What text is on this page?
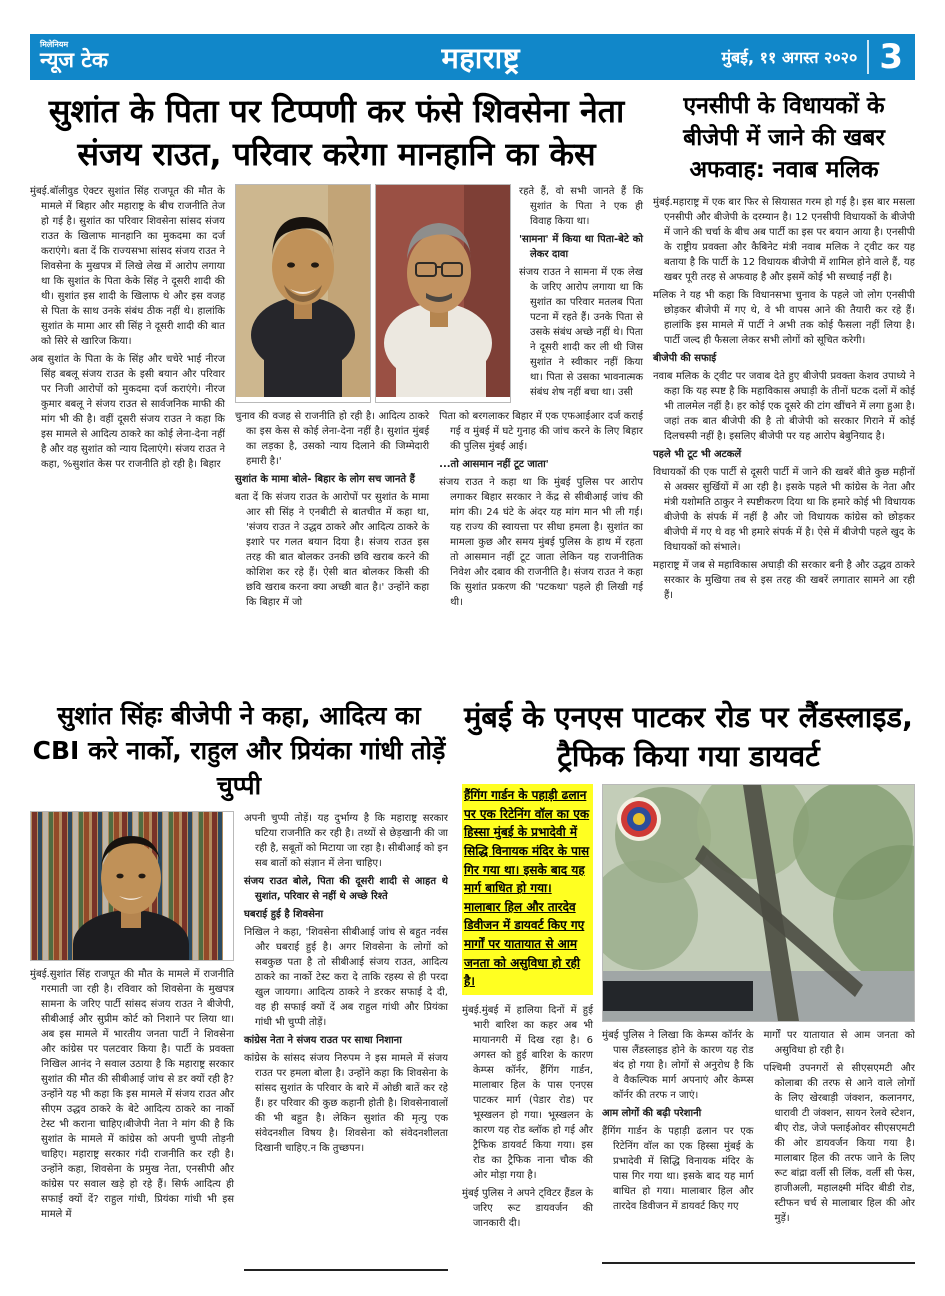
मिलेनियम
न्यूज टेक	महाराष्ट्र	मुंबई, ११ अगस्त २०२० 3
सुशांत के पिता पर टिप्पणी कर फंसे शिवसेना नेता संजय राउत, परिवार करेगा मानहानि का केस

मुंबई.बॉलीवुड ऐक्टर सुशांत सिंह राजपूत की मौत के मामले में बिहार और महाराष्ट्र के बीच राजनीति तेज हो गई है। सुशांत का परिवार शिवसेना सांसद संजय राउत के खिलाफ मानहानि का मुकदमा का दर्ज कराएंगे। बता दें कि राज्यसभा सांसद संजय राउत ने शिवसेना के मुखपत्र में लिखे लेख में आरोप लगाया था कि सुशांत के पिता केके सिंह ने दूसरी शादी की थी। सुशांत इस शादी के खिलाफ थे और इस वजह से पिता के साथ उनके संबंध ठीक नहीं थे। हालांकि सुशांत के मामा आर सी सिंह ने दूसरी शादी की बात को सिरे से खारिज किया।

अब सुशांत के पिता के के सिंह और चचेरे भाई नीरज सिंह बबलू संजय राउत के इसी बयान और परिवार पर निजी आरोपों को मुकदमा दर्ज कराएंगे। नीरज कुमार बबलू ने संजय राउत से सार्वजनिक माफी की मांग भी की है। वहीं दूसरी संजय राउत ने कहा कि इस मामले से आदित्य ठाकरे का कोई लेना-देना नहीं है और वह सुशांत को न्याय दिलाएंगे। संजय राउत ने कहा, %सुशांत केस पर राजनीति हो रही है। बिहार

रहते हैं, वो सभी जानते हैं कि सुशांत के पिता ने एक ही विवाह किया था।

'सामना' में किया था पिता-बेटे को लेकर दावा

संजय राउत ने सामना में एक लेख के जरिए आरोप लगाया था कि सुशांत का परिवार मतलब पिता पटना में रहते हैं। उनके पिता से उसके संबंध अच्छे नहीं थे। पिता ने दूसरी शादी कर ली थी जिस सुशांत ने स्वीकार नहीं किया था। पिता से उसका भावनात्मक संबंध शेष नहीं बचा था। उसी

चुनाव की वजह से राजनीति हो रही है। आदित्य ठाकरे का इस केस से कोई लेना-देना नहीं है। सुशांत मुंबई का लड़का है, उसको न्याय दिलाने की जिम्मेदारी हमारी है।'

सुशांत के मामा बोले- बिहार के लोग सच जानते हैं

बता दें कि संजय राउत के आरोपों पर सुशांत के मामा आर सी सिंह ने एनबीटी से बातचीत में कहा था, 'संजय राउत ने उद्धव ठाकरे और आदित्य ठाकरे के इशारे पर गलत बयान दिया है। संजय राउत इस तरह की बात बोलकर उनकी छवि खराब करने की कोशिश कर रहे हैं। ऐसी बात बोलकर किसी की छवि खराब करना क्या अच्छी बात है।' उन्होंने कहा कि बिहार में जो

पिता को बरगलाकर बिहार में एक एफआईआर दर्ज कराई गई व मुंबई में घटे गुनाह की जांच करने के लिए बिहार की पुलिस मुंबई आई।

...तो आसमान नहीं टूट जाता'

संजय राउत ने कहा था कि मुंबई पुलिस पर आरोप लगाकर बिहार सरकार ने केंद्र से सीबीआई जांच की मांग की। 24 घंटे के अंदर यह मांग मान भी ली गई। यह राज्य की स्वायत्ता पर सीधा हमला है। सुशांत का मामला कुछ और समय मुंबई पुलिस के हाथ में रहता तो आसमान नहीं टूट जाता लेकिन यह राजनीतिक निवेश और दबाव की राजनीति है। संजय राउत ने कहा कि सुशांत प्रकरण की 'पटकथा' पहले ही लिखी गई थी।

एनसीपी के विधायकों के बीजेपी में जाने की खबर अफवाह: नवाब मलिक

मुंबई.महाराष्ट्र में एक बार फिर से सियासत गरम हो गई है। इस बार मसला एनसीपी और बीजेपी के दरम्यान है। 12 एनसीपी विधायकों के बीजेपी में जाने की चर्चा के बीच अब पार्टी का इस पर बयान आया है। एनसीपी के राष्ट्रीय प्रवक्ता और कैबिनेट मंत्री नवाब मलिक ने ट्वीट कर यह बताया है कि पार्टी के 12 विधायक बीजेपी में शामिल होने वाले हैं, यह खबर पूरी तरह से अफवाह है और इसमें कोई भी सच्चाई नहीं है।

मलिक ने यह भी कहा कि विधानसभा चुनाव के पहले जो लोग एनसीपी छोड़कर बीजेपी में गए थे, वे भी वापस आने की तैयारी कर रहे हैं। हालांकि इस मामले में पार्टी ने अभी तक कोई फैसला नहीं लिया है। पार्टी जल्द ही फैसला लेकर सभी लोगों को सूचित करेगी।

बीजेपी की सफाई

नवाब मलिक के ट्वीट पर जवाब देते हुए बीजेपी प्रवक्ता केशव उपाध्ये ने कहा कि यह स्पष्ट है कि महाविकास अघाड़ी के तीनों घटक दलों में कोई भी तालमेल नहीं है। हर कोई एक दूसरे की टांग खींचने में लगा हुआ है। जहां तक बात बीजेपी की है तो बीजेपी को सरकार गिराने में कोई दिलचस्पी नहीं है। इसलिए बीजेपी पर यह आरोप बेबुनियाद है।

पहले भी टूट भी अटकलें

विधायकों की एक पार्टी से दूसरी पार्टी में जाने की खबरें बीते कुछ महीनों से अक्सर सुर्खियों में आ रही है। इसके पहले भी कांग्रेस के नेता और मंत्री यशोमति ठाकुर ने स्पष्टीकरण दिया था कि हमारे कोई भी विधायक बीजेपी के संपर्क में नहीं है और जो विधायक कांग्रेस को छोड़कर बीजेपी में गए थे वह भी हमारे संपर्क में है। ऐसे में बीजेपी पहले खुद के विधायकों को संभाले।

महाराष्ट्र में जब से महाविकास अघाड़ी की सरकार बनी है और उद्धव ठाकरे सरकार के मुखिया तब से इस तरह की खबरें लगातार सामने आ रही हैं।

सुशांत सिंहः बीजेपी ने कहा, आदित्य का CBI करे नार्को, राहुल और प्रियंका गांधी तोड़ें चुप्पी

मुंबई.सुशांत सिंह राजपूत की मौत के मामले में राजनीति गरमाती जा रही है। रविवार को शिवसेना के मुखपत्र सामना के जरिए पार्टी सांसद संजय राउत ने बीजेपी, सीबीआई और सुप्रीम कोर्ट को निशाने पर लिया था। अब इस मामले में भारतीय जनता पार्टी ने शिवसेना और कांग्रेस पर पलटवार किया है। पार्टी के प्रवक्ता निखिल आनंद ने सवाल उठाया है कि महाराष्ट्र सरकार सुशांत की मौत की सीबीआई जांच से डर क्यों रही है? उन्होंने यह भी कहा कि इस मामले में संजय राउत और सीएम उद्धव ठाकरे के बेटे आदित्य ठाकरे का नार्को टेस्ट भी कराना चाहिए।बीजेपी नेता ने मांग की है कि सुशांत के मामले में कांग्रेस को अपनी चुप्पी तोड़नी चाहिए। महाराष्ट्र सरकार गंदी राजनीति कर रही है। उन्होंने कहा, शिवसेना के प्रमुख नेता, एनसीपी और कांग्रेस पर सवाल खड़े हो रहे हैं। सिर्फ आदित्य ही सफाई क्यों दें? राहुल गांधी, प्रियंका गांधी भी इस मामले में

अपनी चुप्पी तोड़ें। यह दुर्भाग्य है कि महाराष्ट्र सरकार घटिया राजनीति कर रही है। तथ्यों से छेड़खानी की जा रही है, सबूतों को मिटाया जा रहा है। सीबीआई को इन सब बातों को संज्ञान में लेना चाहिए।

संजय राउत बोले, पिता की दूसरी शादी से आहत थे सुशांत, परिवार से नहीं थे अच्छे रिश्ते

घबराई हुई है शिवसेना

निखिल ने कहा, 'शिवसेना सीबीआई जांच से बहुत नर्वस और घबराई हुई है। अगर शिवसेना के लोगों को सबकुछ पता है तो सीबीआई संजय राउत, आदित्य ठाकरे का नार्को टेस्ट करा दे ताकि रहस्य से ही परदा खुल जायगा। आदित्य ठाकरे ने डरकर सफाई दे दी, वह ही सफाई क्यों दें अब राहुल गांधी और प्रियंका गांधी भी चुप्पी तोड़ें।

कांग्रेस नेता ने संजय राउत पर साधा निशाना

कांग्रेस के सांसद संजय निरुपम ने इस मामले में संजय राउत पर हमला बोला है। उन्होंने कहा कि शिवसेना के सांसद सुशांत के परिवार के बारे में ओछी बातें कर रहे हैं। हर परिवार की कुछ कहानी होती है। शिवसेनावालों की भी बहुत है। लेकिन सुशांत की मृत्यु एक संवेदनशील विषय है। शिवसेना को संवेदनशीलता दिखानी चाहिए.न कि तुच्छपन।

मुंबई के एनएस पाटकर रोड पर लैंडस्लाइड, ट्रैफिक किया गया डायवर्ट
हैंगिंग गार्डन के पहाड़ी ढलान पर एक रिटेनिंग वॉल का एक हिस्सा मुंबई के प्रभादेवी में सिद्धि विनायक मंदिर के पास गिर गया था। इसके बाद यह मार्ग बाधित हो गया। मालाबार हिल और तारदेव डिवीजन में डायवर्ट किए गए मार्गों पर यातायात से आम जनता को असुविधा हो रही है।

मुंबई.मुंबई में हालिया दिनों में हुई भारी बारिश का कहर अब भी मायानगरी में दिख रहा है। 6 अगस्त को हुई बारिश के कारण केम्प्स कॉर्नर, हैंगिंग गार्डन, मालाबार हिल के पास एनएस पाटकर मार्ग (पेडार रोड) पर भूस्खलन हो गया। भूस्खलन के कारण यह रोड ब्लॉक हो गई और ट्रैफिक डायवर्ट किया गया। इस रोड का ट्रैफिक नाना चौक की ओर मोड़ा गया है।

मुंबई पुलिस ने अपने ट्विटर हैंडल के जरिए रूट डायवर्जन की जानकारी दी।

मुंबई पुलिस ने लिखा कि केम्प्स कॉर्नर के पास लैंडस्लाइड होने के कारण यह रोड बंद हो गया है। लोगों से अनुरोध है कि वे वैकल्पिक मार्ग अपनाएं और केम्प्स कॉर्नर की तरफ न जाएं।

आम लोगों की बढ़ी परेशानी

हैंगिंग गार्डन के पहाड़ी ढलान पर एक रिटेनिंग वॉल का एक हिस्सा मुंबई के प्रभादेवी में सिद्धि विनायक मंदिर के पास गिर गया था। इसके बाद यह मार्ग बाधित हो गया। मालाबार हिल और तारदेव डिवीजन में डायवर्ट किए गए

मार्गों पर यातायात से आम जनता को असुविधा हो रही है।

पश्चिमी उपनगरों से सीएसएमटी और कोलाबा की तरफ से आने वाले लोगों के लिए खेरबाड़ी जंक्शन, कलानगर, धारावी टी जंक्शन, सायन रेलवे स्टेशन, बीए रोड, जेजे फ्लाईओवर सीएसएमटी की ओर डायवर्जन किया गया है। मालाबार हिल की तरफ जाने के लिए रूट बांद्रा वर्ली सी लिंक, वर्ली सी फेस, हाजीअली, महालक्ष्मी मंदिर बीडी रोड, स्टीफन चर्च से मालाबार हिल की ओर मुड़ें।
